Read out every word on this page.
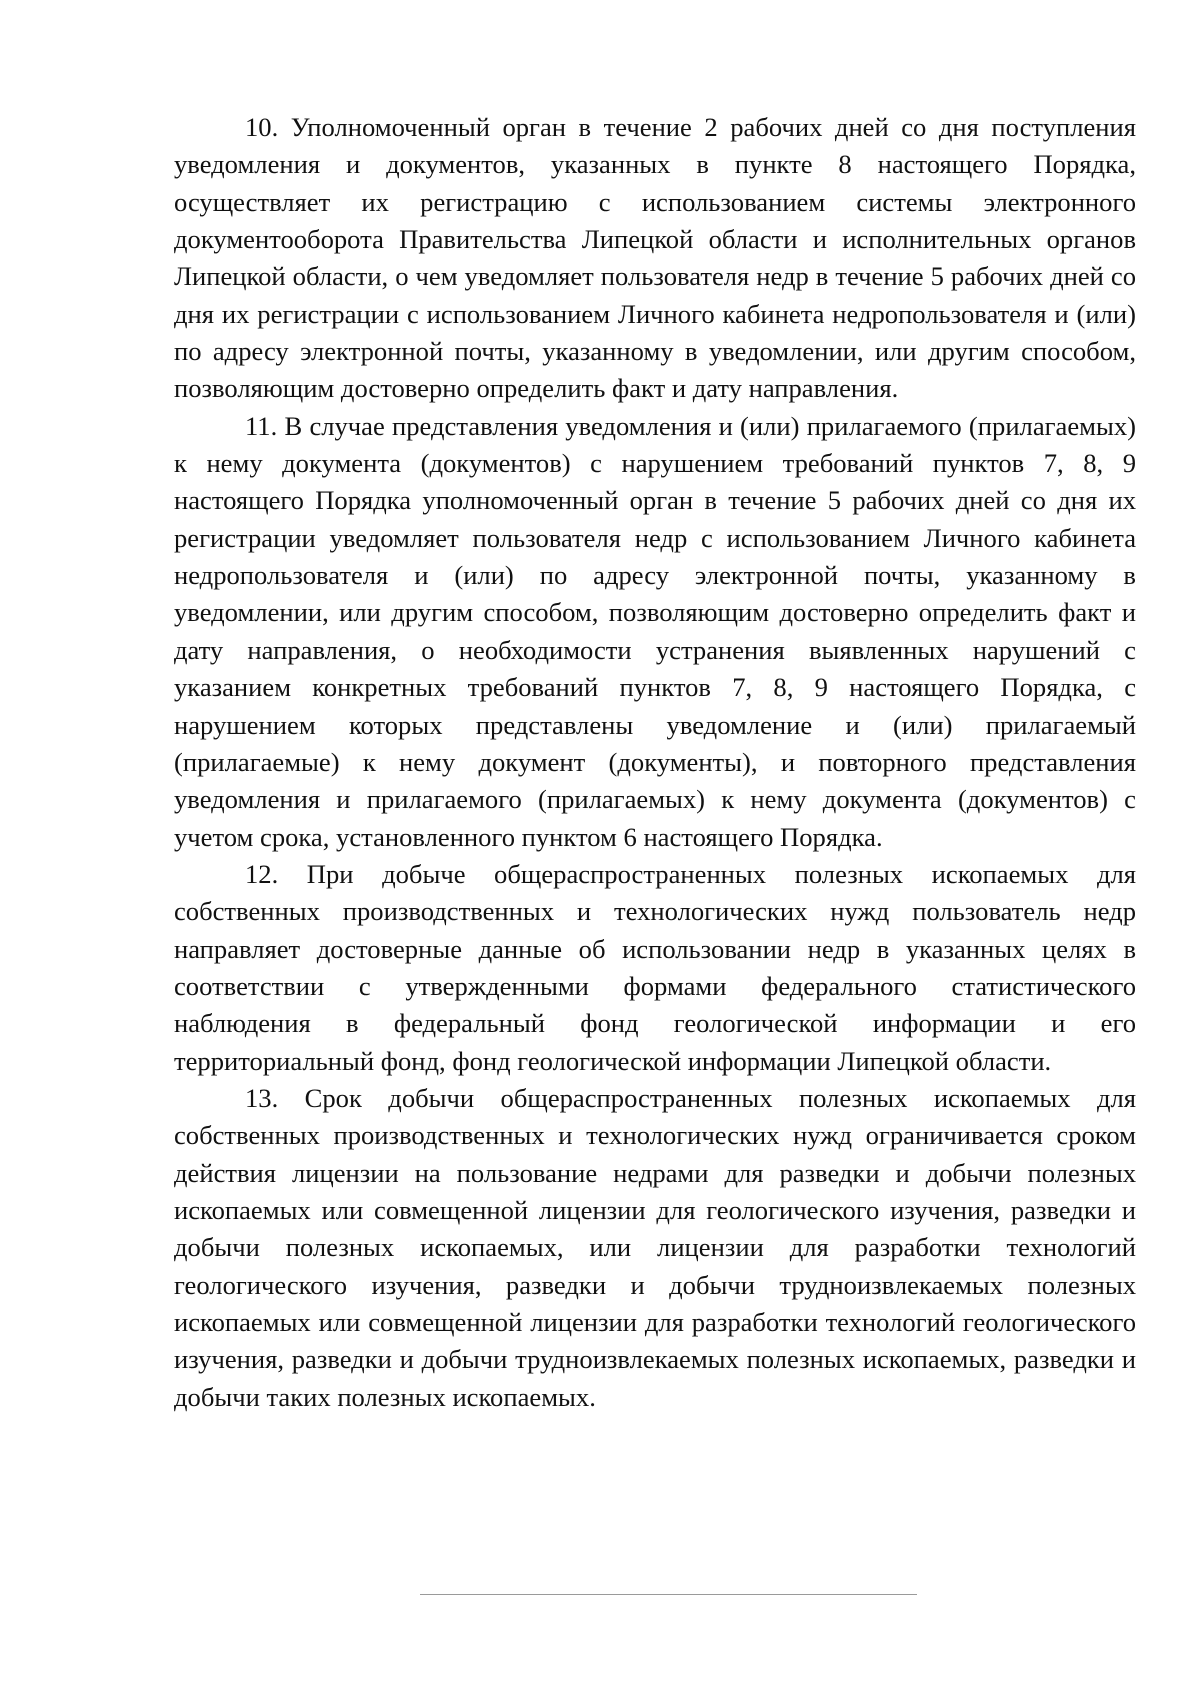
10. Уполномоченный орган в течение 2 рабочих дней со дня поступления уведомления и документов, указанных в пункте 8 настоящего Порядка, осуществляет их регистрацию с использованием системы электронного документооборота Правительства Липецкой области и исполнительных органов Липецкой области, о чем уведомляет пользователя недр в течение 5 рабочих дней со дня их регистрации с использованием Личного кабинета недропользователя и (или) по адресу электронной почты, указанному в уведомлении, или другим способом, позволяющим достоверно определить факт и дату направления.

11. В случае представления уведомления и (или) прилагаемого (прилагаемых) к нему документа (документов) с нарушением требований пунктов 7, 8, 9 настоящего Порядка уполномоченный орган в течение 5 рабочих дней со дня их регистрации уведомляет пользователя недр с использованием Личного кабинета недропользователя и (или) по адресу электронной почты, указанному в уведомлении, или другим способом, позволяющим достоверно определить факт и дату направления, о необходимости устранения выявленных нарушений с указанием конкретных требований пунктов 7, 8, 9 настоящего Порядка, с нарушением которых представлены уведомление и (или) прилагаемый (прилагаемые) к нему документ (документы), и повторного представления уведомления и прилагаемого (прилагаемых) к нему документа (документов) с учетом срока, установленного пунктом 6 настоящего Порядка.

12. При добыче общераспространенных полезных ископаемых для собственных производственных и технологических нужд пользователь недр направляет достоверные данные об использовании недр в указанных целях в соответствии с утвержденными формами федерального статистического наблюдения в федеральный фонд геологической информации и его территориальный фонд, фонд геологической информации Липецкой области.

13. Срок добычи общераспространенных полезных ископаемых для собственных производственных и технологических нужд ограничивается сроком действия лицензии на пользование недрами для разведки и добычи полезных ископаемых или совмещенной лицензии для геологического изучения, разведки и добычи полезных ископаемых, или лицензии для разработки технологий геологического изучения, разведки и добычи трудноизвлекаемых полезных ископаемых или совмещенной лицензии для разработки технологий геологического изучения, разведки и добычи трудноизвлекаемых полезных ископаемых, разведки и добычи таких полезных ископаемых.
